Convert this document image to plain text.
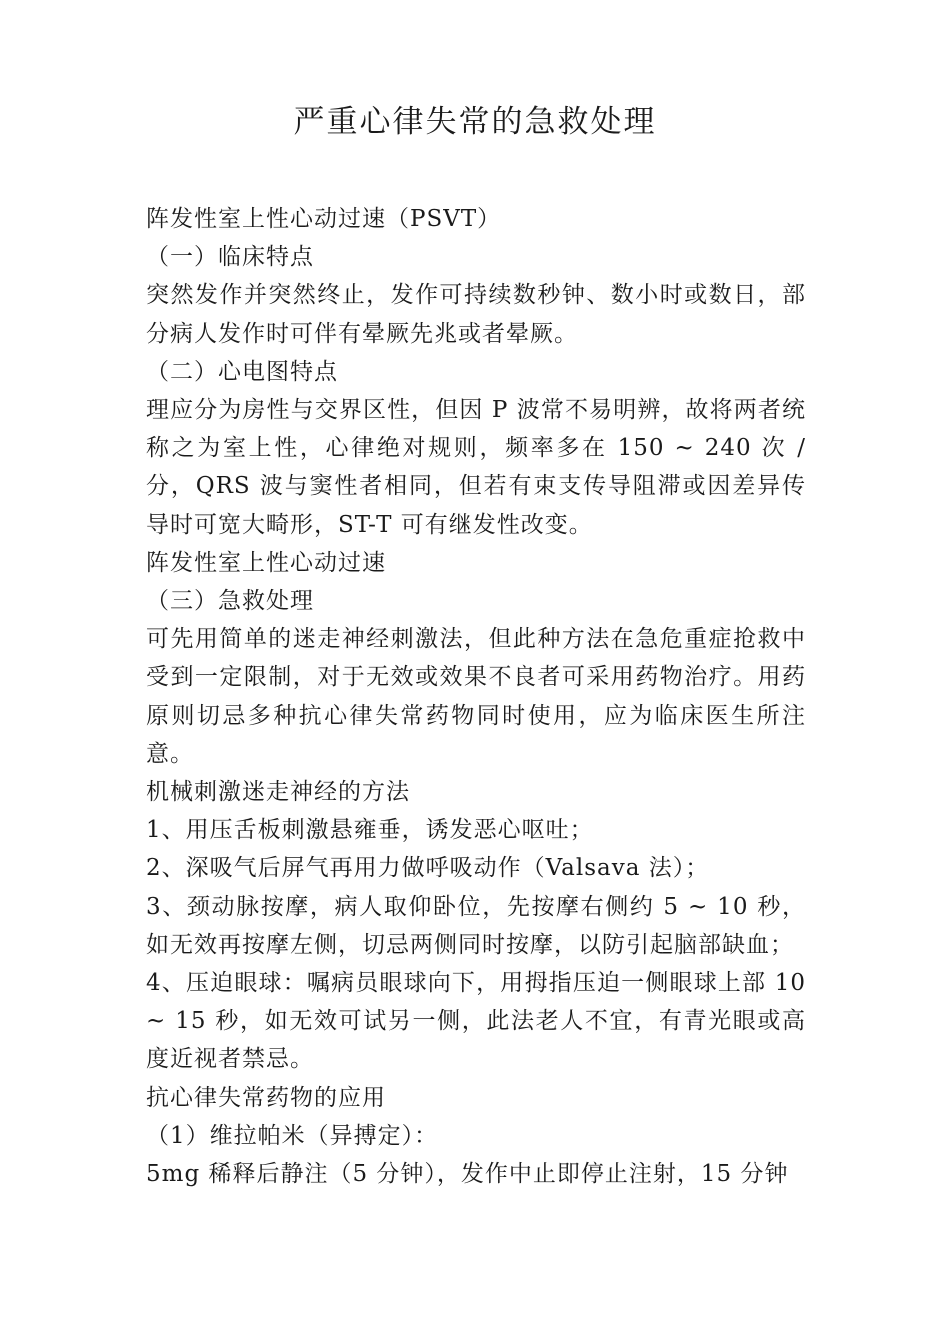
严重心律失常的急救处理

阵发性室上性心动过速（PSVT）

（一）临床特点

突然发作并突然终止，发作可持续数秒钟、数小时或数日，部分病人发作时可伴有晕厥先兆或者晕厥。

（二）心电图特点

理应分为房性与交界区性，但因 P 波常不易明辨，故将两者统称之为室上性，心律绝对规则，频率多在 150 ~ 240 次 / 分，QRS 波与窦性者相同，但若有束支传导阻滞或因差异传导时可宽大畸形，ST-T 可有继发性改变。

阵发性室上性心动过速

（三）急救处理

可先用简单的迷走神经刺激法，但此种方法在急危重症抢救中受到一定限制，对于无效或效果不良者可采用药物治疗。用药原则切忌多种抗心律失常药物同时使用，应为临床医生所注意。

机械刺激迷走神经的方法

1、用压舌板刺激悬雍垂，诱发恶心呕吐；

2、深吸气后屏气再用力做呼吸动作（Valsava 法）；

3、颈动脉按摩，病人取仰卧位，先按摩右侧约 5 ~ 10 秒，如无效再按摩左侧，切忌两侧同时按摩，以防引起脑部缺血；

4、压迫眼球：嘱病员眼球向下，用拇指压迫一侧眼球上部 10 ~ 15 秒，如无效可试另一侧，此法老人不宜，有青光眼或高度近视者禁忌。

抗心律失常药物的应用

（1）维拉帕米（异搏定）：

5mg 稀释后静注（5 分钟），发作中止即停止注射，15 分钟
